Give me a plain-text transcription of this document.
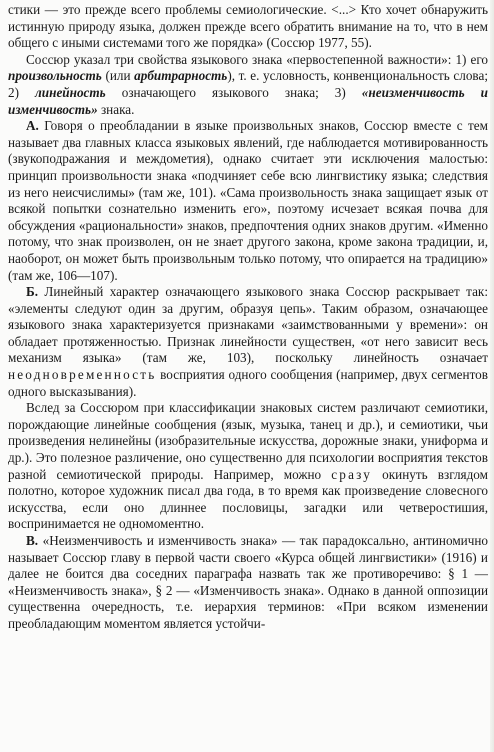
стики — это прежде всего проблемы семиологические. <...> Кто хочет обнаружить истинную природу языка, должен прежде всего обратить внимание на то, что в нем общего с иными системами того же порядка» (Соссюр 1977, 55).

Соссюр указал три свойства языкового знака «первостепенной важности»: 1) его произвольность (или арбитрарность), т. е. условность, конвенциональность слова; 2) линейность означающего языкового знака; 3) «неизменчивость и изменчивость» знака.

А. Говоря о преобладании в языке произвольных знаков, Соссюр вместе с тем называет два главных класса языковых явлений, где наблюдается мотивированность (звукоподражания и междометия), однако считает эти исключения малостью: принцип произвольности знака «подчиняет себе всю лингвистику языка; следствия из него неисчислимы» (там же, 101). «Сама произвольность знака защищает язык от всякой попытки сознательно изменить его», поэтому исчезает всякая почва для обсуждения «рациональности» знаков, предпочтения одних знаков другим. «Именно потому, что знак произволен, он не знает другого закона, кроме закона традиции, и, наоборот, он может быть произвольным только потому, что опирается на традицию» (там же, 106—107).

Б. Линейный характер означающего языкового знака Соссюр раскрывает так: «элементы следуют один за другим, образуя цепь». Таким образом, означающее языкового знака характеризуется признаками «заимствованными у времени»: он обладает протяженностью. Признак линейности существен, «от него зависит весь механизм языка» (там же, 103), поскольку линейность означает неодновременность восприятия одного сообщения (например, двух сегментов одного высказывания).

Вслед за Соссюром при классификации знаковых систем различают семиотики, порождающие линейные сообщения (язык, музыка, танец и др.), и семиотики, чьи произведения нелинейны (изобразительные искусства, дорожные знаки, униформа и др.). Это полезное различение, оно существенно для психологии восприятия текстов разной семиотической природы. Например, можно сразу окинуть взглядом полотно, которое художник писал два года, в то время как произведение словесного искусства, если оно длиннее пословицы, загадки или четверостишия, воспринимается не одномоментно.

В. «Неизменчивость и изменчивость знака» — так парадоксально, антиномично называет Соссюр главу в первой части своего «Курса общей лингвистики» (1916) и далее не боится два соседних параграфа назвать так же противоречиво: § 1 — «Неизменчивость знака», § 2 — «Изменчивость знака». Однако в данной оппозиции существенна очередность, т.е. иерархия терминов: «При всяком изменении преобладающим моментом является устойчи-
